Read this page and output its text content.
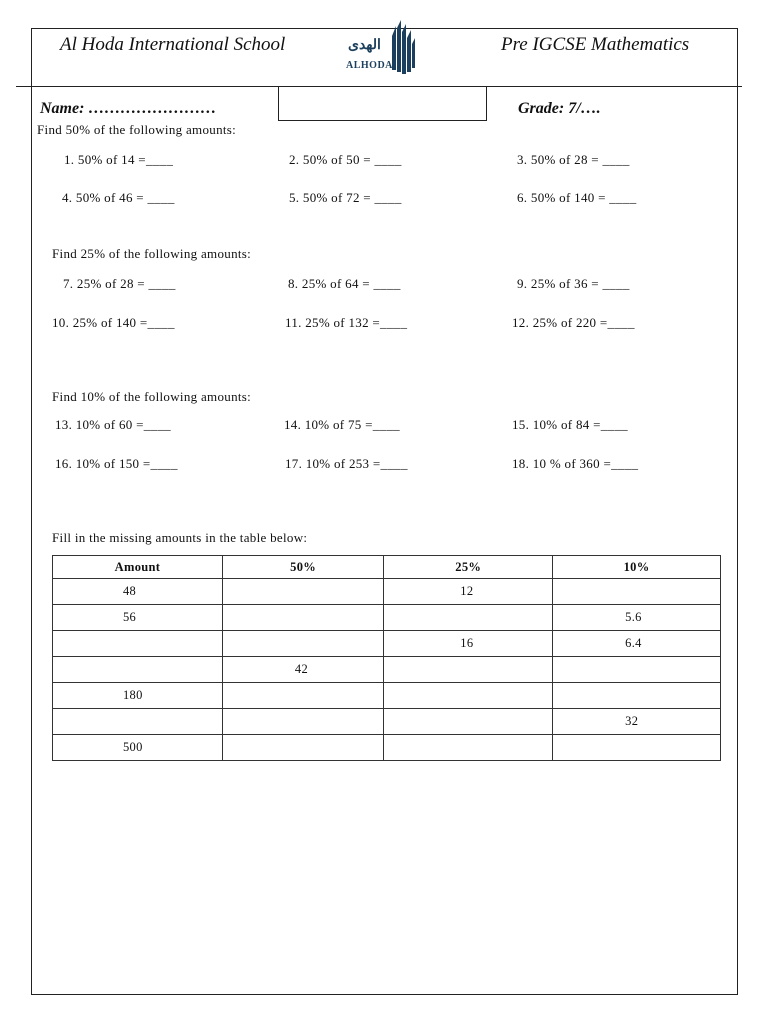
Al Hoda International School	الهدى
ALHODA
Pre IGCSE Mathematics
Name: ……………………	Grade: 7/….
Find 50% of the following amounts:
1. 50% of 14 =____	2. 50% of 50 = ____	3. 50% of 28 = ____
4. 50% of 46 = ____	5. 50% of 72 = ____	6. 50% of 140 = ____
Find 25% of the following amounts:
7. 25% of 28 = ____	8. 25% of 64 = ____	9. 25% of 36 = ____
10. 25% of 140 =____	11. 25% of 132 =____	12. 25% of 220 =____
Find 10% of the following amounts:
13. 10% of 60 =____	14. 10% of 75 =____	15. 10% of 84 =____
16. 10% of 150 =____	17. 10% of 253 =____	18. 10 % of 360 =____
Fill in the missing amounts in the table below:
Amount	50%	25%	10%
48		12	
56			5.6
		16	6.4
	42		
180			
			32
500			
